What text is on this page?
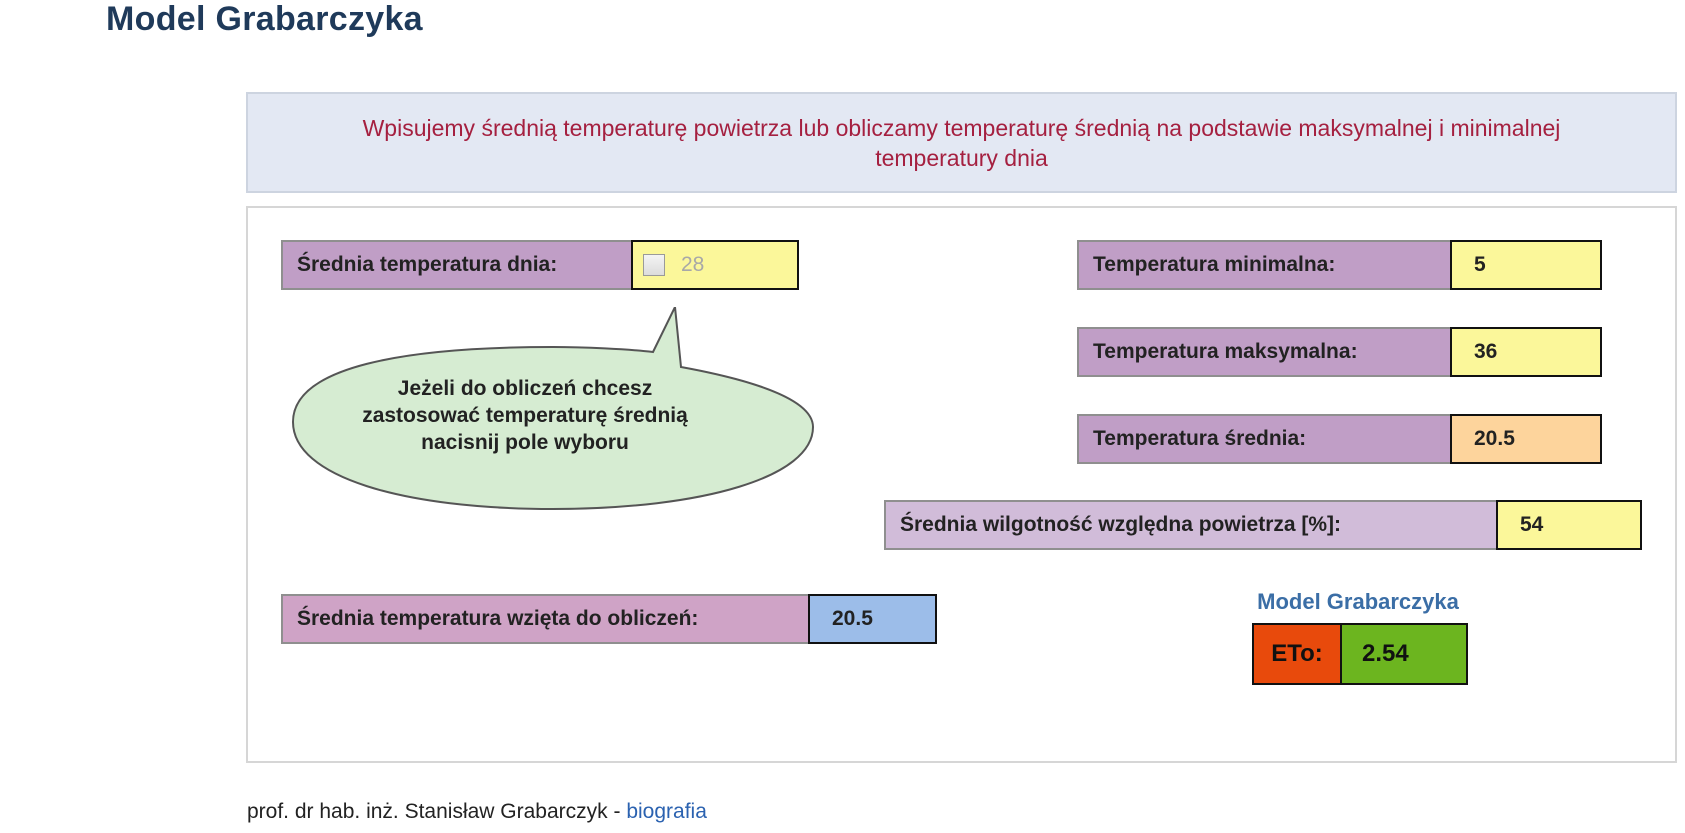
Model Grabarczyka
Wpisujemy średnią temperaturę powietrza lub obliczamy temperaturę średnią na podstawie maksymalnej i minimalnej temperatury dnia
Średnia temperatura dnia:	28
Jeżeli do obliczeń chcesz zastosować temperaturę średnią nacisnij pole wyboru
Temperatura minimalna:	5
Temperatura maksymalna:	36
Temperatura średnia:	20.5
Średnia wilgotność względna powietrza [%]:	54
Średnia temperatura wzięta do obliczeń:	20.5
Model Grabarczyka
ETo:	2.54
prof. dr hab. inż. Stanisław Grabarczyk - biografia
